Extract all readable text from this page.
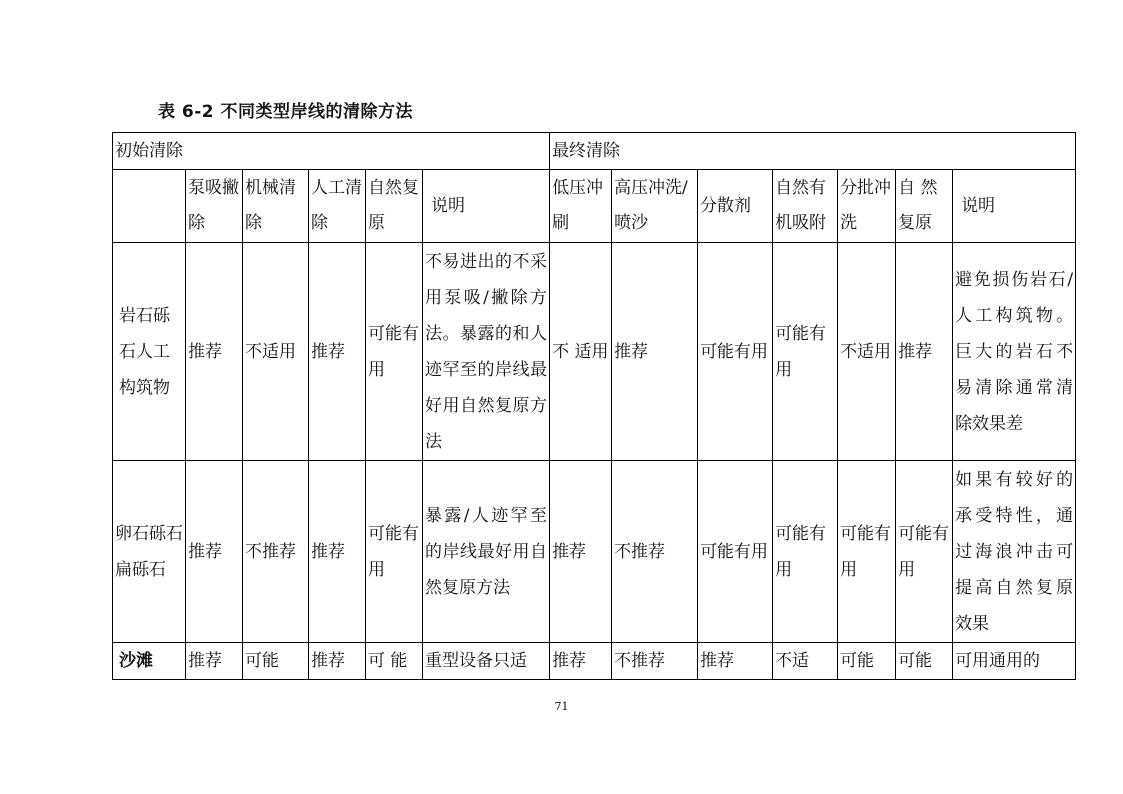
表 6-2 不同类型岸线的清除方法
初始清除						最终清除						
	泵吸撇除	机械清除	人工清除	自然复原	说明	低压冲刷	高压冲洗/喷沙	分散剂	自然有机吸附	分批冲洗	自 然复原	说明
岩石砾石人工构筑物	推荐	不适用	推荐	可能有用	不易进出的不采用泵吸/撇除方法。暴露的和人迹罕至的岸线最好用自然复原方法	不 适用	推荐	可能有用	可能有用	不适用	推荐	避免损伤岩石/人工构筑物。巨大的岩石不易清除通常清除效果差
卵石砾石扁砾石	推荐	不推荐	推荐	可能有用	暴露/人迹罕至的岸线最好用自然复原方法	推荐	不推荐	可能有用	可能有用	可能有用	可能有用	如果有较好的承受特性，通过海浪冲击可提高自然复原效果
沙滩	推荐	可能	推荐	可 能	重型设备只适	推荐	不推荐	推荐	不适	可能	可能	可用通用的
71
